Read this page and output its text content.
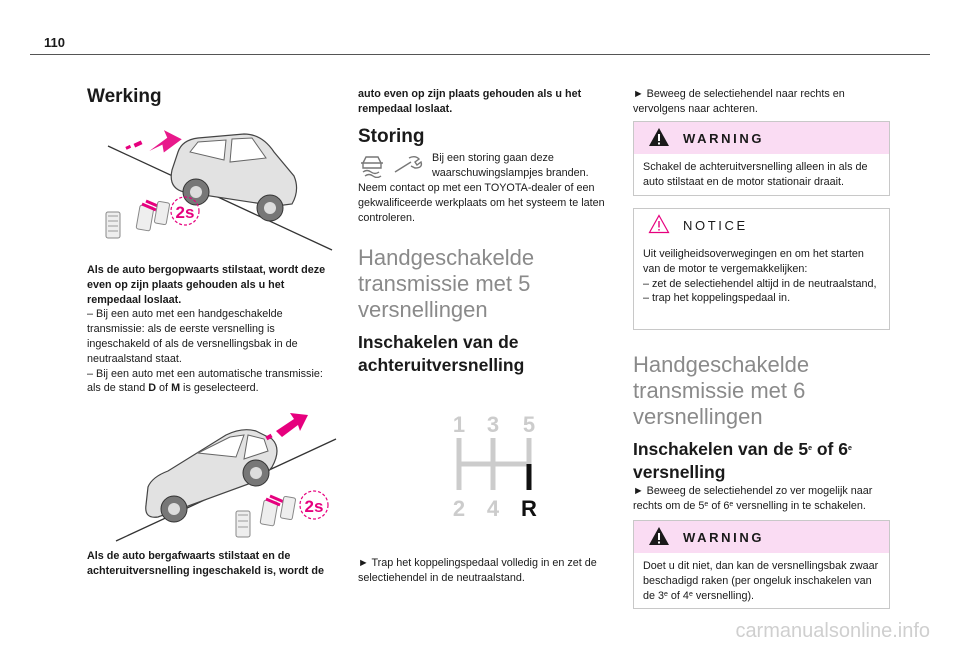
110
Werking
2s
Als de auto bergopwaarts stilstaat, wordt deze even op zijn plaats gehouden als u het rempedaal loslaat.
– Bij een auto met een handgeschakelde transmissie: als de eerste versnelling is ingeschakeld of als de versnellingsbak in de neutraalstand staat.
– Bij een auto met een automatische transmissie: als de stand D of M is geselecteerd.
2s
Als de auto bergafwaarts stilstaat en de achteruitversnelling ingeschakeld is, wordt de
auto even op zijn plaats gehouden als u het rempedaal loslaat.
Storing
Bij een storing gaan deze waarschuwingslampjes branden.
Neem contact op met een TOYOTA-dealer of een gekwalificeerde werkplaats om het systeem te laten controleren.
Handgeschakelde transmissie met 5 versnellingen
Inschakelen van de achteruitversnelling
1 3 5
2 4 R
► Trap het koppelingspedaal volledig in en zet de selectiehendel in de neutraalstand.
► Beweeg de selectiehendel naar rechts en vervolgens naar achteren.
WARNING
Schakel de achteruitversnelling alleen in als de auto stilstaat en de motor stationair draait.
NOTICE
Uit veiligheidsoverwegingen en om het starten van de motor te vergemakkelijken:
– zet de selectiehendel altijd in de neutraalstand,
– trap het koppelingspedaal in.
Handgeschakelde transmissie met 6 versnellingen
Inschakelen van de 5e of 6e
versnelling
► Beweeg de selectiehendel zo ver mogelijk naar rechts om de 5e of 6e versnelling in te schakelen.
WARNING
Doet u dit niet, dan kan de versnellingsbak zwaar beschadigd raken (per ongeluk inschakelen van de 3e of 4e versnelling).
carmanualsonline.info
